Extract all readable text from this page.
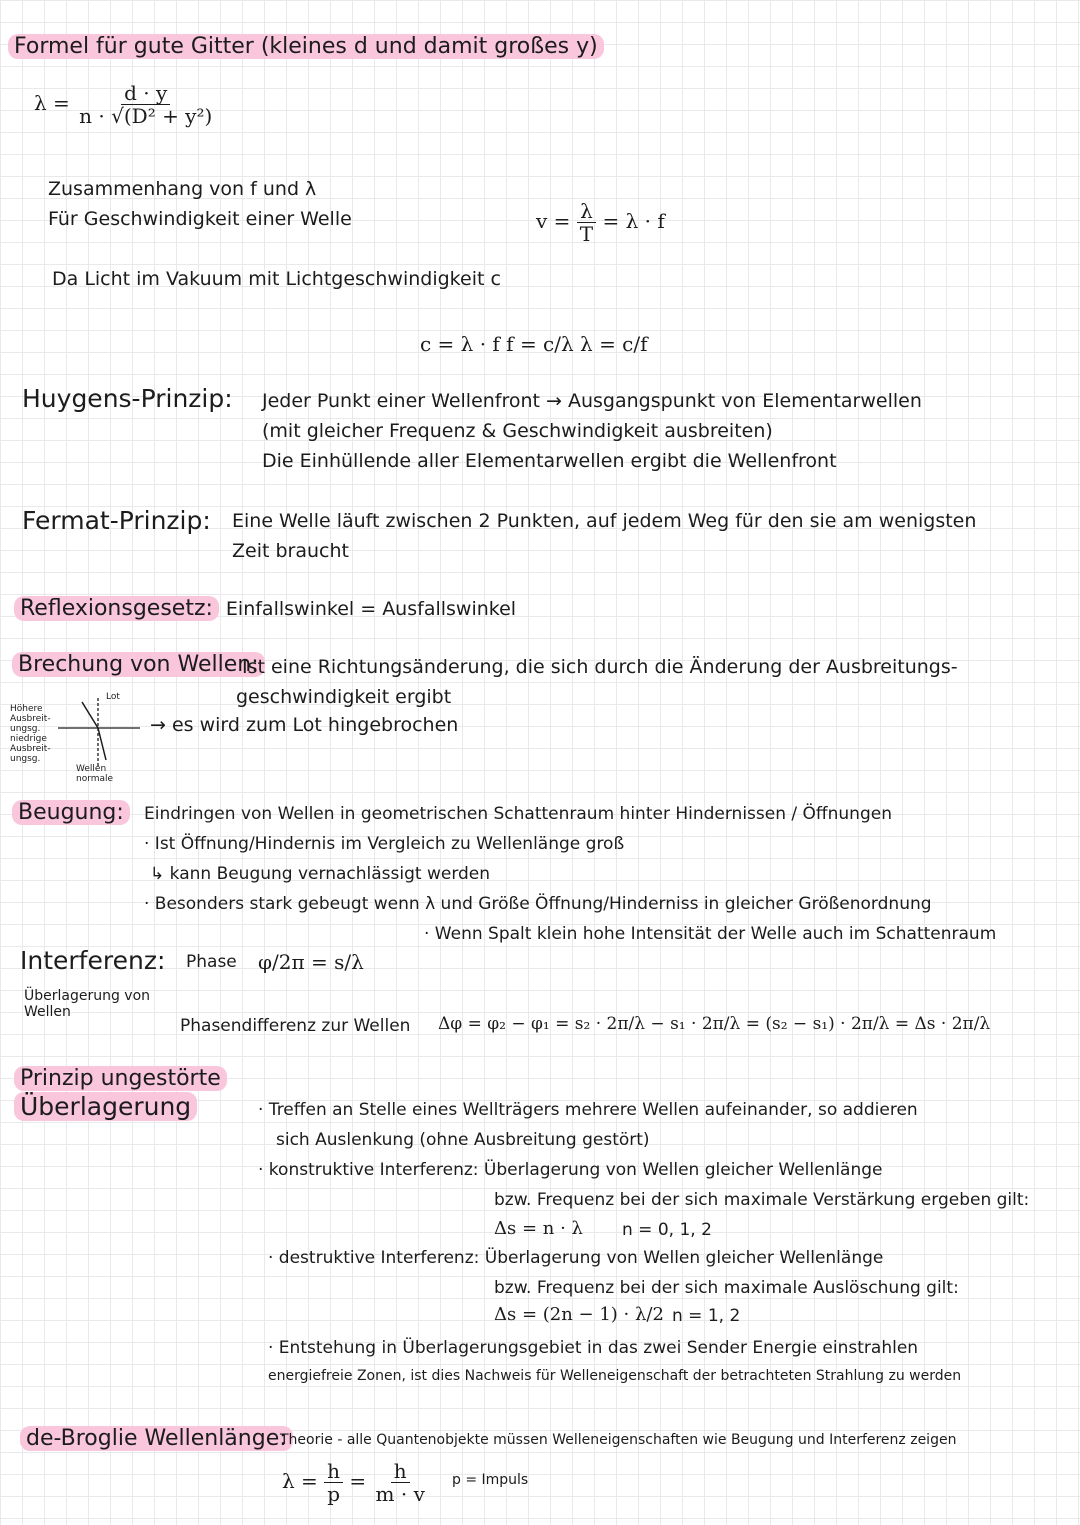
Formel für gute Gitter (kleines d und damit großes y)
$\lambda = \frac{d \cdot y}{\text{n · √(D² + y²)}}$
Zusammenhang von f und λ
Für Geschwindigkeit einer Welle	$v = \frac{\lambda}{T} = \lambda \cdot f$
Da Licht im Vakuum mit Lichtgeschwindigkeit c
c = λ · f f = c/λ λ = c/f
Huygens-Prinzip: Jeder Punkt einer Wellenfront → Ausgangspunkt von Elementarwellen
(mit gleicher Frequenz & Geschwindigkeit ausbreiten)
Die Einhüllende aller Elementarwellen ergibt die Wellenfront
Fermat-Prinzip: Eine Welle läuft zwischen 2 Punkten, auf jedem Weg für den sie am wenigsten
Zeit braucht
Reflexionsgesetz: Einfallswinkel = Ausfallswinkel
Brechung von Wellen:
Ist eine Richtungsänderung, die sich durch die Änderung der Ausbreitungs-
geschwindigkeit ergibt
→ es wird zum Lot hingebrochen
Höhere Ausbreit-ungsg.
niedrige Ausbreit-ungsg.
Lot
Wellen normale
Beugung:	Eindringen von Wellen in geometrischen Schattenraum hinter Hindernissen / Öffnungen
· Ist Öffnung/Hindernis im Vergleich zu Wellenlänge groß
↳ kann Beugung vernachlässigt werden
· Besonders stark gebeugt wenn λ und Größe Öffnung/Hinderniss in gleicher Größenordnung
· Wenn Spalt klein hohe Intensität der Welle auch im Schattenraum
Interferenz: Phase φ/2π = s/λ
Überlagerung von Wellen
Phasendifferenz zur Wellen Δφ = φ₂ − φ₁ = s₂ · 2π/λ − s₁ · 2π/λ = (s₂ − s₁) · 2π/λ = Δs · 2π/λ
Prinzip ungestörte
Überlagerung	· Treffen an Stelle eines Wellträgers mehrere Wellen aufeinander, so addieren
sich Auslenkung (ohne Ausbreitung gestört)
· konstruktive Interferenz: Überlagerung von Wellen gleicher Wellenlänge
bzw. Frequenz bei der sich maximale Verstärkung ergeben gilt:
Δs = n · λ n = 0, 1, 2
· destruktive Interferenz: Überlagerung von Wellen gleicher Wellenlänge
bzw. Frequenz bei der sich maximale Auslöschung gilt:
Δs = (2n − 1) · λ/2 n = 1, 2
· Entstehung in Überlagerungsgebiet in das zwei Sender Energie einstrahlen
energiefreie Zonen, ist dies Nachweis für Welleneigenschaft der betrachteten Strahlung zu werden
de-Broglie Wellenlänge:
Theorie - alle Quantenobjekte müssen Welleneigenschaften wie Beugung und Interferenz zeigen
$\lambda = \frac{h}{p} = \frac{h}{m \cdot v}$ p = Impuls
